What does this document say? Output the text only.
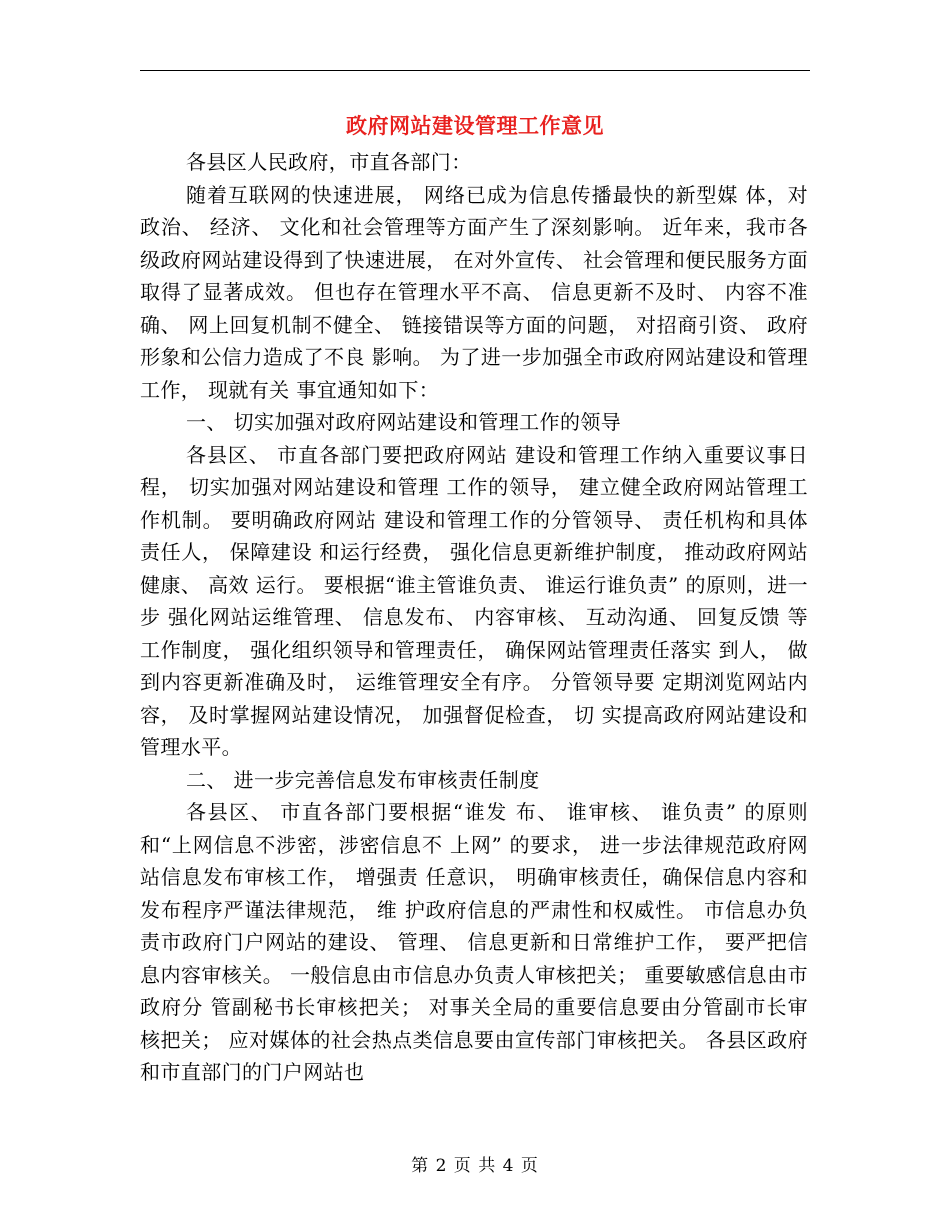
政府网站建设管理工作意见

各县区人民政府，市直各部门：

随着互联网的快速进展， 网络已成为信息传播最快的新型媒 体，对政治、 经济、 文化和社会管理等方面产生了深刻影响。 近年来，我市各级政府网站建设得到了快速进展， 在对外宣传、 社会管理和便民服务方面取得了显著成效。 但也存在管理水平不高、 信息更新不及时、 内容不准确、 网上回复机制不健全、 链接错误等方面的问题， 对招商引资、 政府形象和公信力造成了不良 影响。 为了进一步加强全市政府网站建设和管理工作， 现就有关 事宜通知如下：

一、 切实加强对政府网站建设和管理工作的领导

各县区、 市直各部门要把政府网站 建设和管理工作纳入重要议事日程， 切实加强对网站建设和管理 工作的领导， 建立健全政府网站管理工作机制。 要明确政府网站 建设和管理工作的分管领导、 责任机构和具体责任人， 保障建设 和运行经费， 强化信息更新维护制度， 推动政府网站健康、 高效 运行。 要根据“谁主管谁负责、 谁运行谁负责” 的原则，进一步 强化网站运维管理、 信息发布、 内容审核、 互动沟通、 回复反馈 等工作制度， 强化组织领导和管理责任， 确保网站管理责任落实 到人， 做到内容更新准确及时， 运维管理安全有序。 分管领导要 定期浏览网站内容， 及时掌握网站建设情况， 加强督促检查， 切 实提高政府网站建设和管理水平。

二、 进一步完善信息发布审核责任制度

各县区、 市直各部门要根据“谁发 布、 谁审核、 谁负责” 的原则和“上网信息不涉密，涉密信息不 上网” 的要求， 进一步法律规范政府网站信息发布审核工作， 增强责 任意识， 明确审核责任，确保信息内容和发布程序严谨法律规范， 维 护政府信息的严肃性和权威性。 市信息办负责市政府门户网站的建设、 管理、 信息更新和日常维护工作， 要严把信息内容审核关。 一般信息由市信息办负责人审核把关； 重要敏感信息由市政府分 管副秘书长审核把关； 对事关全局的重要信息要由分管副市长审 核把关； 应对媒体的社会热点类信息要由宣传部门审核把关。 各县区政府和市直部门的门户网站也

第 2 页 共 4 页
